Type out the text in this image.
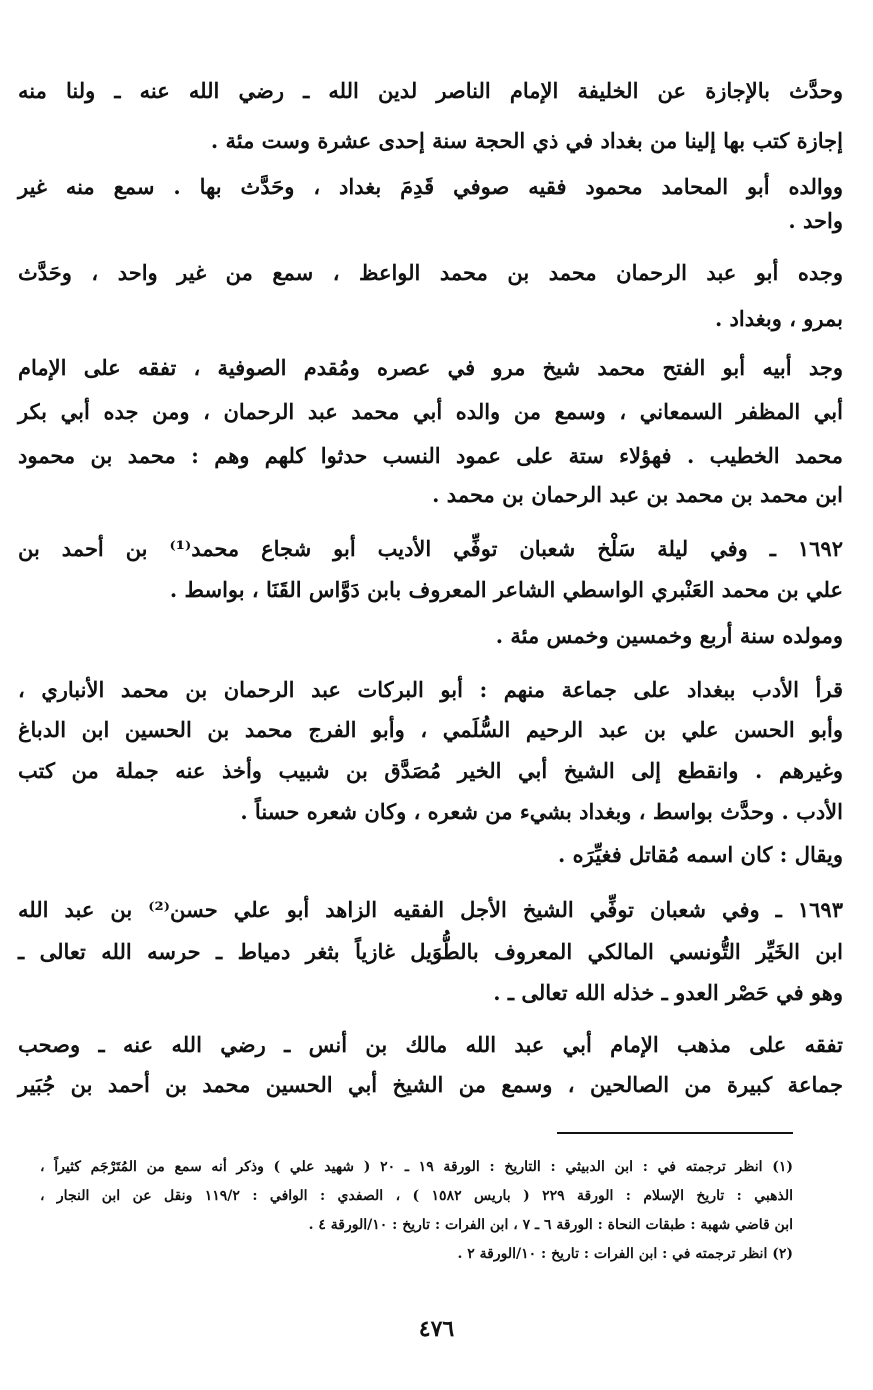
وحدَّث بالإجازة عن الخليفة الإمام الناصر لدين الله ـ رضي الله عنه ـ ولنا منه
إجازة كتب بها إلينا من بغداد في ذي الحجة سنة إحدى عشرة وست مئة .
ووالده أبو المحامد محمود فقيه صوفي قَدِمَ بغداد ، وحَدَّث بها . سمع منه غير
واحد .
وجده أبو عبد الرحمان محمد بن محمد الواعظ ، سمع من غير واحد ، وحَدَّث
بمرو ، وبغداد .
وجد أبيه أبو الفتح محمد شيخ مرو في عصره ومُقدم الصوفية ، تفقه على الإمام
أبي المظفر السمعاني ، وسمع من والده أبي محمد عبد الرحمان ، ومن جده أبي بكر
محمد الخطيب . فهؤلاء ستة على عمود النسب حدثوا كلهم وهم : محمد بن محمود
ابن محمد بن محمد بن عبد الرحمان بن محمد .
١٦٩٢ ـ وفي ليلة سَلْخ شعبان توفِّي الأديب أبو شجاع محمد⁽¹⁾ بن أحمد بن
علي بن محمد العَنْبري الواسطي الشاعر المعروف بابن دَوَّاس القَنَا ، بواسط .
ومولده سنة أربع وخمسين وخمس مئة .
قرأ الأدب ببغداد على جماعة منهم : أبو البركات عبد الرحمان بن محمد الأنباري ،
وأبو الحسن علي بن عبد الرحيم السُّلَمي ، وأبو الفرج محمد بن الحسين ابن الدباغ
وغيرهم . وانقطع إلى الشيخ أبي الخير مُصَدَّق بن شبيب وأخذ عنه جملة من كتب
الأدب . وحدَّث بواسط ، وبغداد بشيء من شعره ، وكان شعره حسناً .
ويقال : كان اسمه مُقاتل فغيِّرَه .
١٦٩٣ ـ وفي شعبان توفِّي الشيخ الأجل الفقيه الزاهد أبو علي حسن⁽²⁾ بن عبد الله
ابن الخَيِّر التُّونسي المالكي المعروف بالطُّوَيل غازياً بثغر دمياط ـ حرسه الله تعالى ـ
وهو في حَصْر العدو ـ خذله الله تعالى ـ .
تفقه على مذهب الإمام أبي عبد الله مالك بن أنس ـ رضي الله عنه ـ وصحب
جماعة كبيرة من الصالحين ، وسمع من الشيخ أبي الحسين محمد بن أحمد بن جُبَير
(١) انظر ترجمته في : ابن الدبيثي : التاريخ : الورقة ١٩ ـ ٢٠ ( شهيد علي ) وذكر أنه سمع من المُتَرْجَم كثيراً ،
الذهبي : تاريخ الإسلام : الورقة ٢٢٩ ( باريس ١٥٨٢ ) ، الصفدي : الوافي : ١١٩/٢ ونقل عن ابن النجار ،
ابن قاضي شهبة : طبقات النحاة : الورقة ٦ ـ ٧ ، ابن الفرات : تاريخ : ١٠/الورقة ٤ .
(٢) انظر ترجمته في : ابن الفرات : تاريخ : ١٠/الورقة ٢ .
٤٧٦
